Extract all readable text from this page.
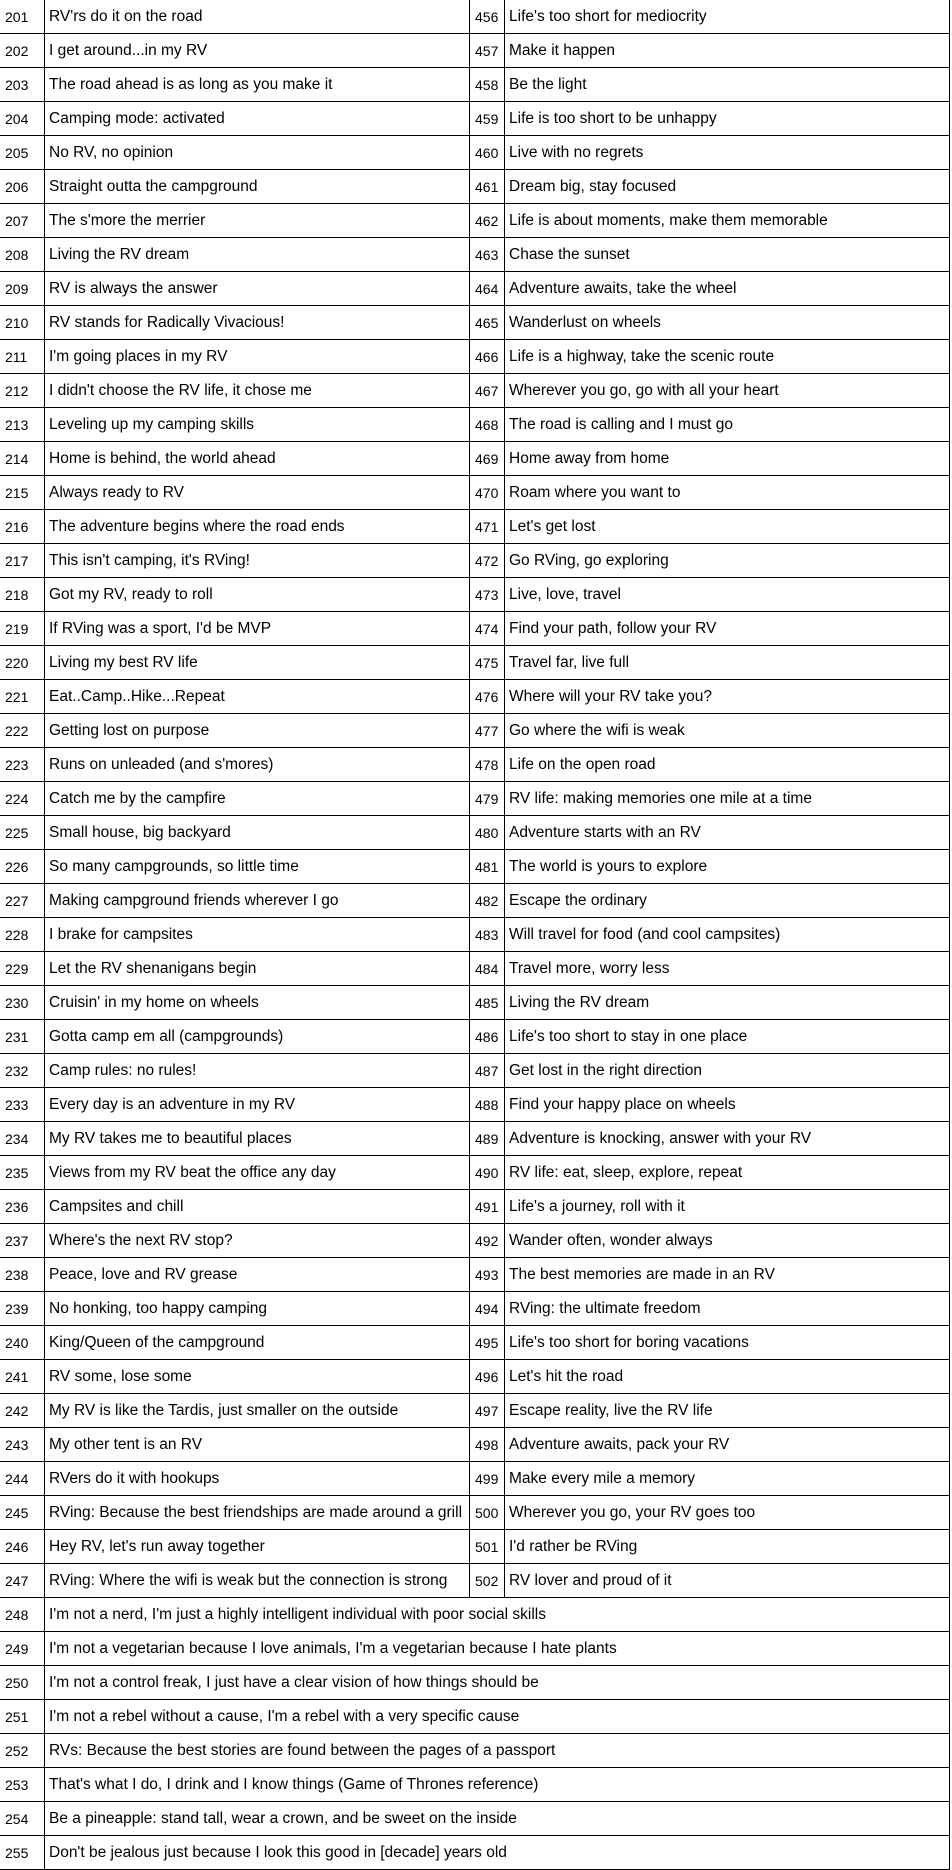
201	RV'rs do it on the road	456 Life's too short for mediocrity
202	I get around...in my RV	457 Make it happen
203	The road ahead is as long as you make it	458 Be the light
204	Camping mode: activated	459 Life is too short to be unhappy
205	No RV, no opinion	460 Live with no regrets
206	Straight outta the campground	461 Dream big, stay focused
207	The s'more the merrier	462 Life is about moments, make them memorable
208	Living the RV dream	463 Chase the sunset
209	RV is always the answer	464 Adventure awaits, take the wheel
210	RV stands for Radically Vivacious!	465 Wanderlust on wheels
211	I'm going places in my RV	466 Life is a highway, take the scenic route
212	I didn't choose the RV life, it chose me	467 Wherever you go, go with all your heart
213	Leveling up my camping skills	468 The road is calling and I must go
214	Home is behind, the world ahead	469 Home away from home
215	Always ready to RV	470 Roam where you want to
216	The adventure begins where the road ends	471 Let's get lost
217	This isn't camping, it's RVing!	472 Go RVing, go exploring
218	Got my RV, ready to roll	473 Live, love, travel
219	If RVing was a sport, I'd be MVP	474 Find your path, follow your RV
220	Living my best RV life	475 Travel far, live full
221	Eat..Camp..Hike...Repeat	476 Where will your RV take you?
222	Getting lost on purpose	477 Go where the wifi is weak
223	Runs on unleaded (and s'mores)	478 Life on the open road
224	Catch me by the campfire	479 RV life: making memories one mile at a time
225	Small house, big backyard	480 Adventure starts with an RV
226	So many campgrounds, so little time	481 The world is yours to explore
227	Making campground friends wherever I go	482 Escape the ordinary
228	I brake for campsites	483 Will travel for food (and cool campsites)
229	Let the RV shenanigans begin	484 Travel more, worry less
230	Cruisin' in my home on wheels	485 Living the RV dream
231	Gotta camp em all (campgrounds)	486 Life's too short to stay in one place
232	Camp rules: no rules!	487 Get lost in the right direction
233	Every day is an adventure in my RV	488 Find your happy place on wheels
234	My RV takes me to beautiful places	489 Adventure is knocking, answer with your RV
235	Views from my RV beat the office any day	490 RV life: eat, sleep, explore, repeat
236	Campsites and chill	491 Life's a journey, roll with it
237	Where's the next RV stop?	492 Wander often, wonder always
238	Peace, love and RV grease	493 The best memories are made in an RV
239	No honking, too happy camping	494 RVing: the ultimate freedom
240	King/Queen of the campground	495 Life's too short for boring vacations
241	RV some, lose some	496 Let's hit the road
242	My RV is like the Tardis, just smaller on the outside	497 Escape reality, live the RV life
243	My other tent is an RV	498 Adventure awaits, pack your RV
244	RVers do it with hookups	499 Make every mile a memory
245	RVing: Because the best friendships are made around a grill 500 Wherever you go, your RV goes too
246	Hey RV, let's run away together	501 I'd rather be RVing
247	RVing: Where the wifi is weak but the connection is strong	502 RV lover and proud of it
248	I'm not a nerd, I'm just a highly intelligent individual with poor social skills
249	I'm not a vegetarian because I love animals, I'm a vegetarian because I hate plants
250	I'm not a control freak, I just have a clear vision of how things should be
251	I'm not a rebel without a cause, I'm a rebel with a very specific cause
252	RVs: Because the best stories are found between the pages of a passport
253	That's what I do, I drink and I know things (Game of Thrones reference)
254	Be a pineapple: stand tall, wear a crown, and be sweet on the inside
255	Don't be jealous just because I look this good in [decade] years old
